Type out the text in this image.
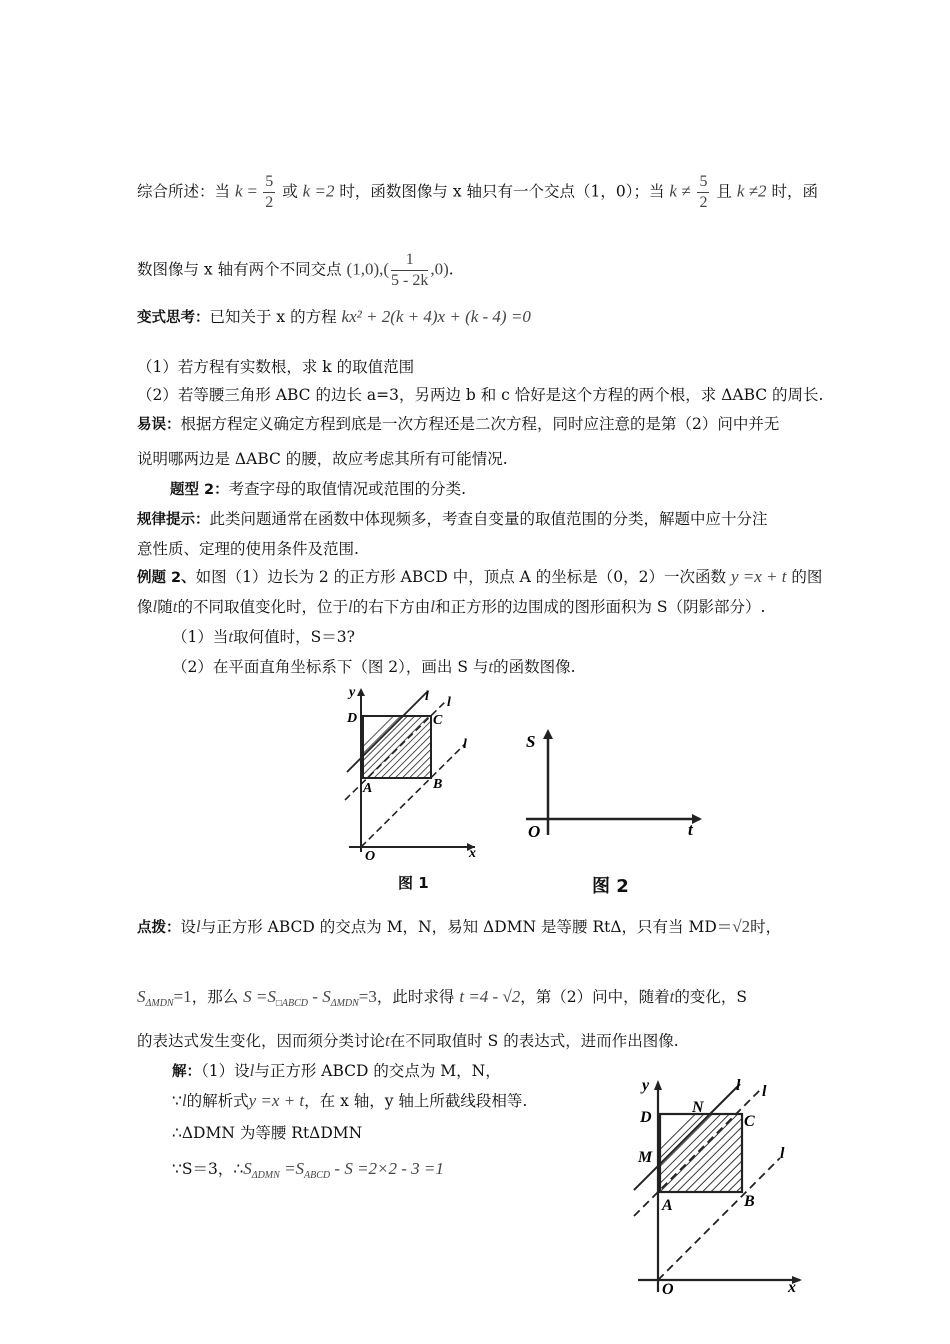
综合所述：当 $k = \frac{5}{2}$ 或 k =2 时，函数图像与 x 轴只有一个交点（1，0）；当 $k \ne \frac{5}{2}$ 且 k ≠2 时，函
数图像与 x 轴有两个不同交点 $(1,0),( \frac{1}{5 - 2k} ,0)$.
变式思考：已知关于 x 的方程 kx² + 2(k + 4)x + (k - 4) =0
（1）若方程有实数根，求 k 的取值范围
（2）若等腰三角形 ABC 的边长 a=3，另两边 b 和 c 恰好是这个方程的两个根，求 ΔABC 的周长.
易误：根据方程定义确定方程到底是一次方程还是二次方程，同时应注意的是第（2）问中并无
说明哪两边是 ΔABC 的腰，故应考虑其所有可能情况.
题型 2：考查字母的取值情况或范围的分类.
规律提示：此类问题通常在函数中体现频多，考查自变量的取值范围的分类，解题中应十分注
意性质、定理的使用条件及范围.
例题 2、如图（1）边长为 2 的正方形 ABCD 中，顶点 A 的坐标是（0，2）一次函数 y =x + t 的图
像l随t的不同取值变化时，位于l的右下方由l和正方形的边围成的图形面积为 S（阴影部分）.
（1）当t取何值时，S＝3?
（2）在平面直角坐标系下（图 2），画出 S 与t的函数图像.
y
x
O
D	C
A	B
l l
l
图 1
S
O	t
图 2
点拨：设l与正方形 ABCD 的交点为 M，N，易知 ΔDMN 是等腰 RtΔ，只有当 MD＝√2时，
$S_{\Delta MDN}=1$，那么 $S =S_{□ABCD} - S_{\Delta MDN}=3$，此时求得 t =4 - √2，第（2）问中，随着t的变化，S
的表达式发生变化，因而须分类讨论t在不同取值时 S 的表达式，进而作出图像.
解：（1）设l与正方形 ABCD 的交点为 M，N，
∵l的解析式y =x + t，在 x 轴，y 轴上所截线段相等.
∴ΔDMN 为等腰 RtΔDMN
∵S＝3，$\therefore S_{\Delta DMN} =S_{ABCD} - S =2\times 2 - 3 =1$
y
x
O
D
N
C
M
A	B
l l
l
